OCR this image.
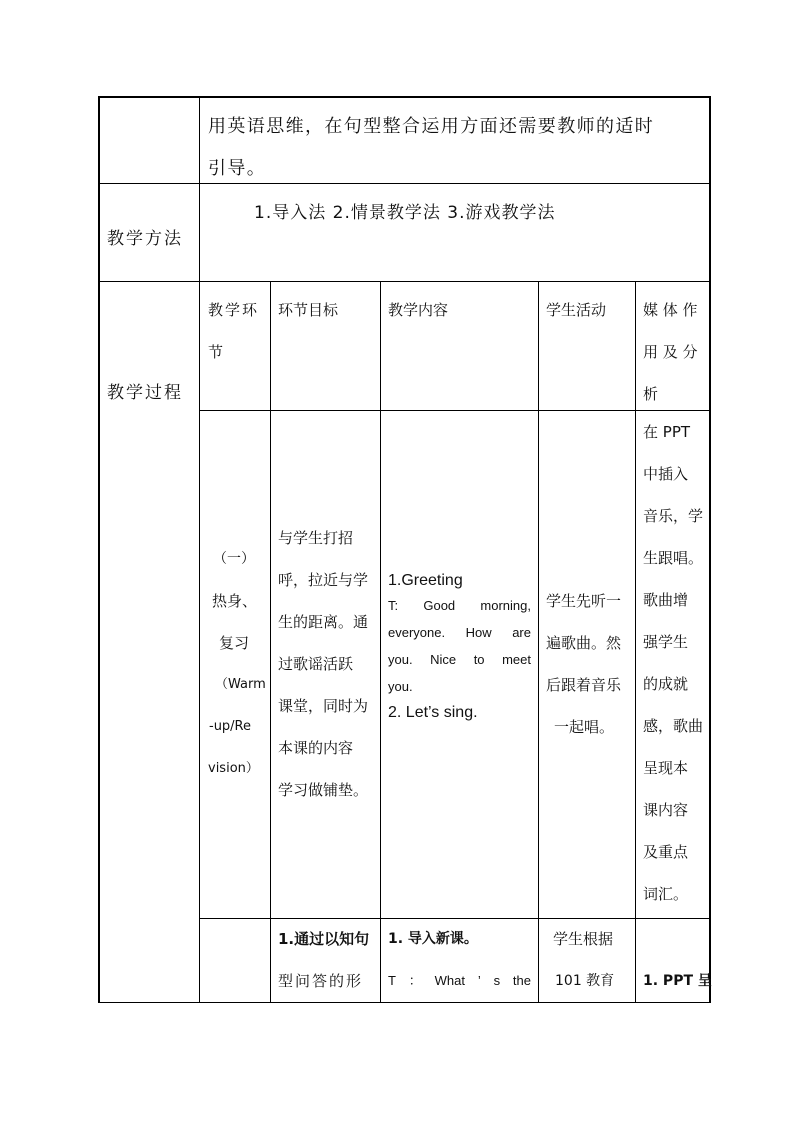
用英语思维，在句型整合运用方面还需要教师的适时
引导。
教学方法
1.导入法 2.情景教学法 3.游戏教学法
教学过程
教学环
节
环节目标	教学内容	学生活动 媒 体 作
用 及 分
析
（一）
热身、
复习
（Warm
-up/Re
vision）
与学生打招
呼，拉近与学
生的距离。通
过歌谣活跃
课堂，同时为
本课的内容
学习做铺垫。
1.Greeting
T: Good morning,
everyone. How are
you. Nice to meet
you.
2. Let’s sing.
学生先听一
遍歌曲。然
后跟着音乐
一起唱。
在 PPT
中插入
音乐，学
生跟唱。
歌曲增
强学生
的成就
感，歌曲
呈现本
课内容
及重点
词汇。
1.通过以知句
型问答的形
1. 导入新课。
T ： What ’ s the
学生根据
101 教育 1. PPT 呈
